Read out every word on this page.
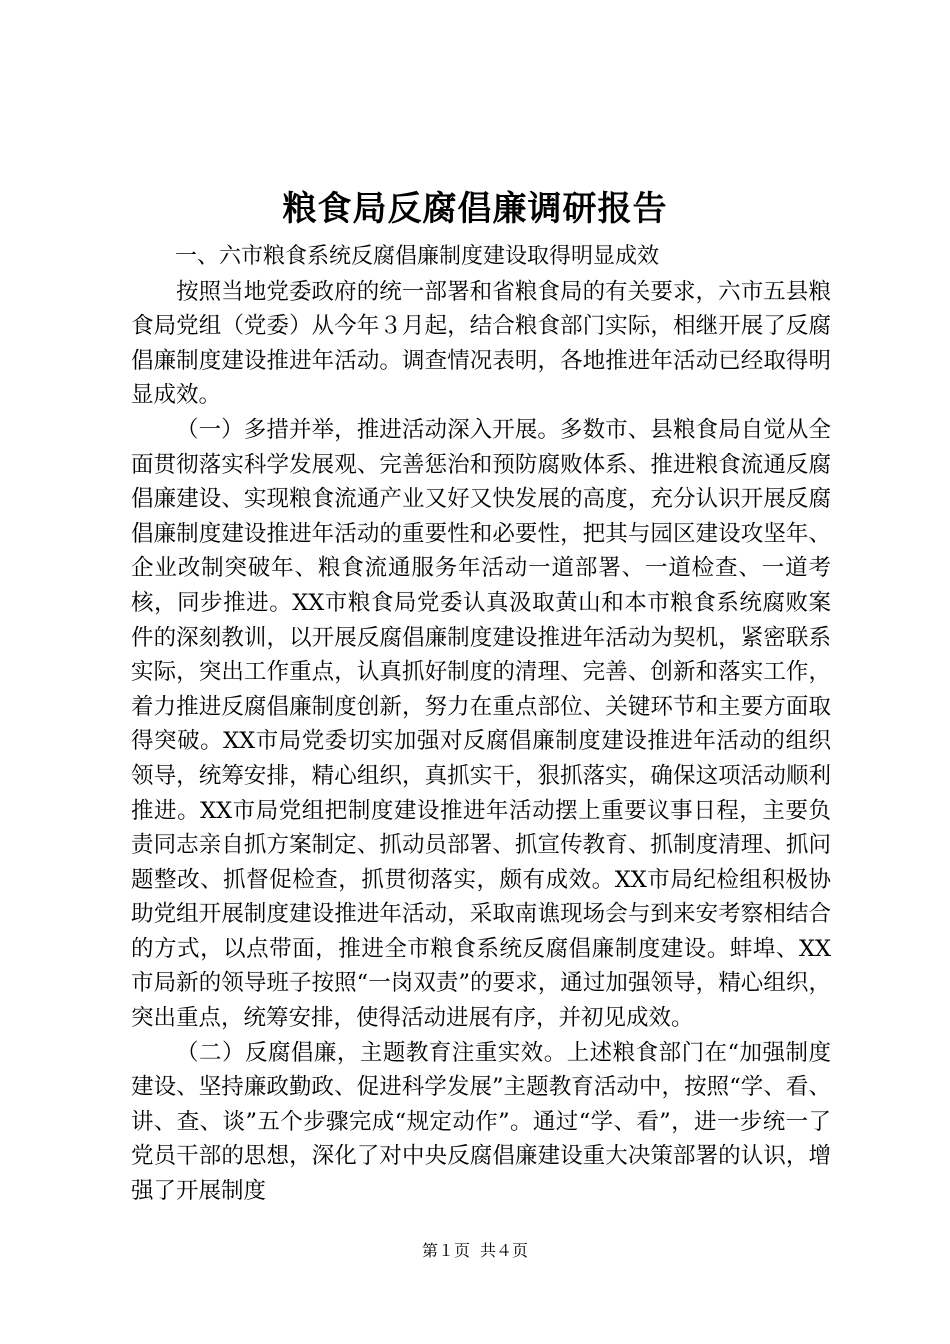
粮食局反腐倡廉调研报告

一、六市粮食系统反腐倡廉制度建设取得明显成效

按照当地党委政府的统一部署和省粮食局的有关要求，六市五县粮食局党组（党委）从今年３月起，结合粮食部门实际，相继开展了反腐倡廉制度建设推进年活动。调查情况表明，各地推进年活动已经取得明显成效。

（一）多措并举，推进活动深入开展。多数市、县粮食局自觉从全面贯彻落实科学发展观、完善惩治和预防腐败体系、推进粮食流通反腐倡廉建设、实现粮食流通产业又好又快发展的高度，充分认识开展反腐倡廉制度建设推进年活动的重要性和必要性，把其与园区建设攻坚年、企业改制突破年、粮食流通服务年活动一道部署、一道检查、一道考核，同步推进。XX市粮食局党委认真汲取黄山和本市粮食系统腐败案件的深刻教训，以开展反腐倡廉制度建设推进年活动为契机，紧密联系实际，突出工作重点，认真抓好制度的清理、完善、创新和落实工作，着力推进反腐倡廉制度创新，努力在重点部位、关键环节和主要方面取得突破。XX市局党委切实加强对反腐倡廉制度建设推进年活动的组织领导，统筹安排，精心组织，真抓实干，狠抓落实，确保这项活动顺利推进。XX市局党组把制度建设推进年活动摆上重要议事日程，主要负责同志亲自抓方案制定、抓动员部署、抓宣传教育、抓制度清理、抓问题整改、抓督促检查，抓贯彻落实，颇有成效。XX市局纪检组积极协助党组开展制度建设推进年活动，采取南谯现场会与到来安考察相结合的方式，以点带面，推进全市粮食系统反腐倡廉制度建设。蚌埠、XX市局新的领导班子按照“一岗双责”的要求，通过加强领导，精心组织，突出重点，统筹安排，使得活动进展有序，并初见成效。

（二）反腐倡廉，主题教育注重实效。上述粮食部门在“加强制度建设、坚持廉政勤政、促进科学发展”主题教育活动中，按照“学、看、讲、查、谈”五个步骤完成“规定动作”。通过“学、看”，进一步统一了党员干部的思想，深化了对中央反腐倡廉建设重大决策部署的认识，增强了开展制度

第１页 共４页
